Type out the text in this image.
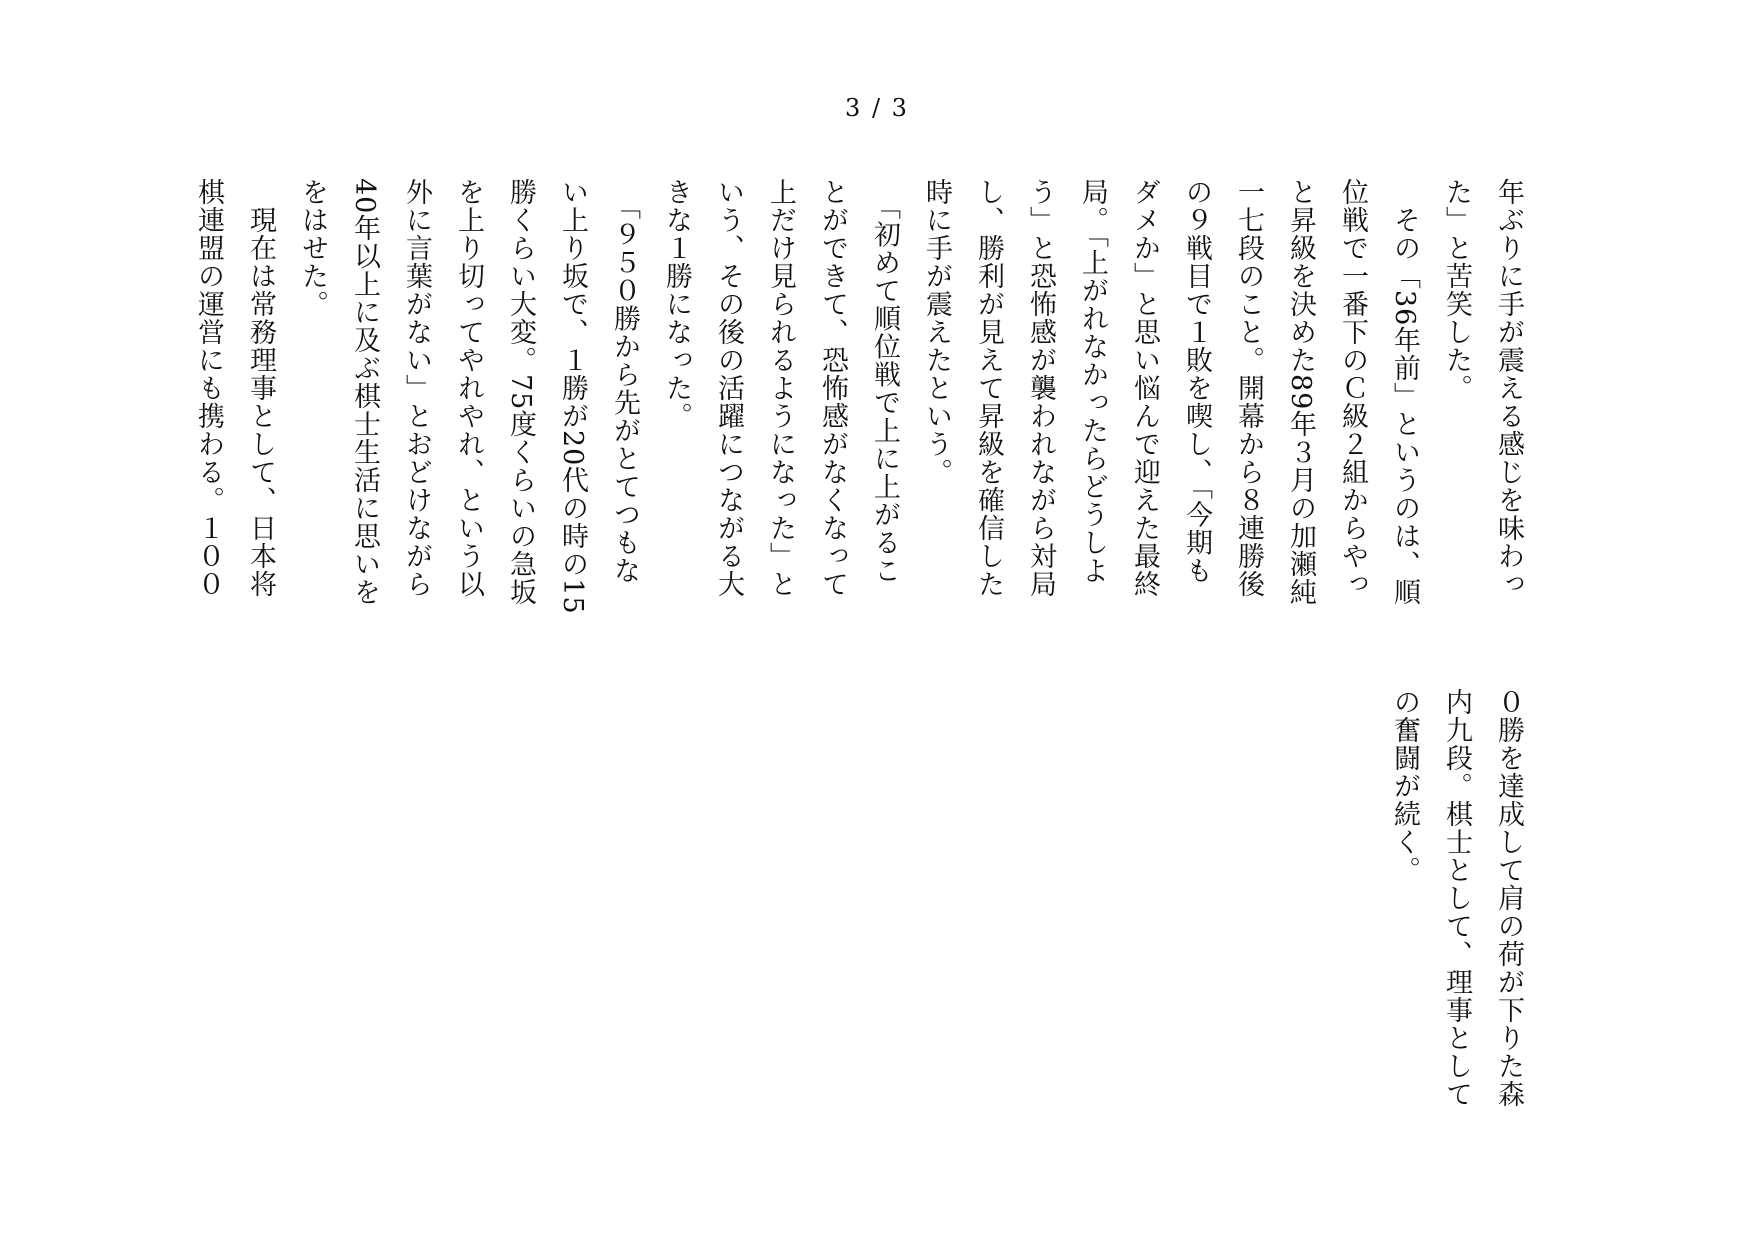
3 / 3
年ぶりに手が震える感じを味わっ
た」と苦笑した。
　その「36年前」というのは、順
位戦で一番下のＣ級２組からやっ
と昇級を決めた89年３月の加瀬純
一七段のこと。開幕から８連勝後
の９戦目で１敗を喫し、「今期も
ダメか」と思い悩んで迎えた最終
局。「上がれなかったらどうしよ
う」と恐怖感が襲われながら対局
し、勝利が見えて昇級を確信した
時に手が震えたという。
　「初めて順位戦で上に上がるこ
とができて、恐怖感がなくなって
上だけ見られるようになった」と
いう、その後の活躍につながる大
きな１勝になった。
　「９５０勝から先がとてつもな
い上り坂で、１勝が20代の時の15
勝くらい大変。75度くらいの急坂
を上り切ってやれやれ、という以
外に言葉がない」とおどけながら
40年以上に及ぶ棋士生活に思いを
をはせた。
　現在は常務理事として、日本将
棋連盟の運営にも携わる。１００
０勝を達成して肩の荷が下りた森
内九段。棋士として、理事として
の奮闘が続く。
